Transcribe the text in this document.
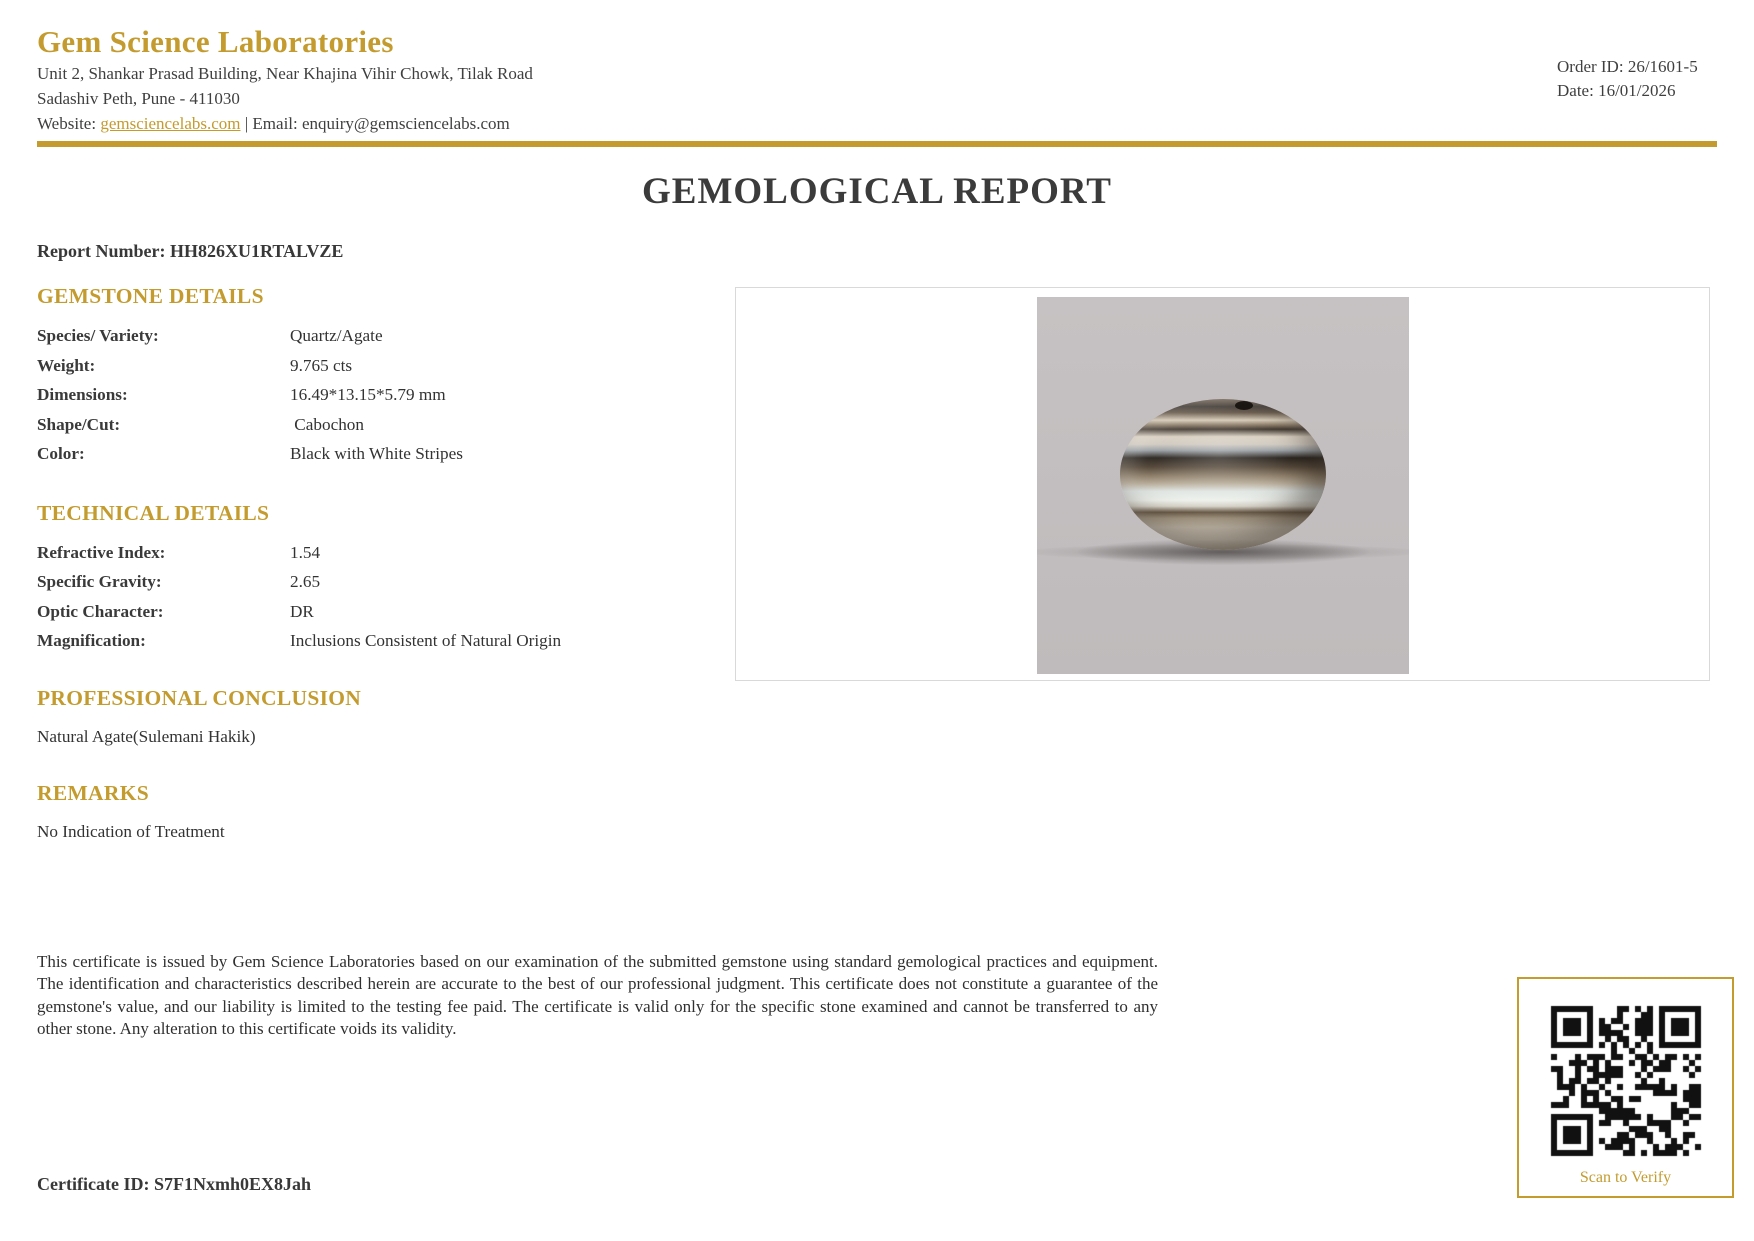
Gem Science Laboratories
Unit 2, Shankar Prasad Building, Near Khajina Vihir Chowk, Tilak Road
Sadashiv Peth, Pune - 411030
Website: gemsciencelabs.com | Email: enquiry@gemsciencelabs.com
Order ID: 26/1601-5
Date: 16/01/2026
GEMOLOGICAL REPORT
Report Number: HH826XU1RTALVZE
GEMSTONE DETAILS
Species/ Variety:	Quartz/Agate
Weight:	9.765 cts
Dimensions:	16.49*13.15*5.79 mm
Shape/Cut:	Cabochon
Color:	Black with White Stripes
TECHNICAL DETAILS
Refractive Index:	1.54
Specific Gravity:	2.65
Optic Character:	DR
Magnification:	Inclusions Consistent of Natural Origin
PROFESSIONAL CONCLUSION
Natural Agate(Sulemani Hakik)
REMARKS
No Indication of Treatment
This certificate is issued by Gem Science Laboratories based on our examination of the submitted gemstone using standard gemological practices and equipment. The identification and characteristics described herein are accurate to the best of our professional judgment. This certificate does not constitute a guarantee of the gemstone's value, and our liability is limited to the testing fee paid. The certificate is valid only for the specific stone examined and cannot be transferred to any other stone. Any alteration to this certificate voids its validity.
Certificate ID: S7F1Nxmh0EX8Jah	Scan to Verify
